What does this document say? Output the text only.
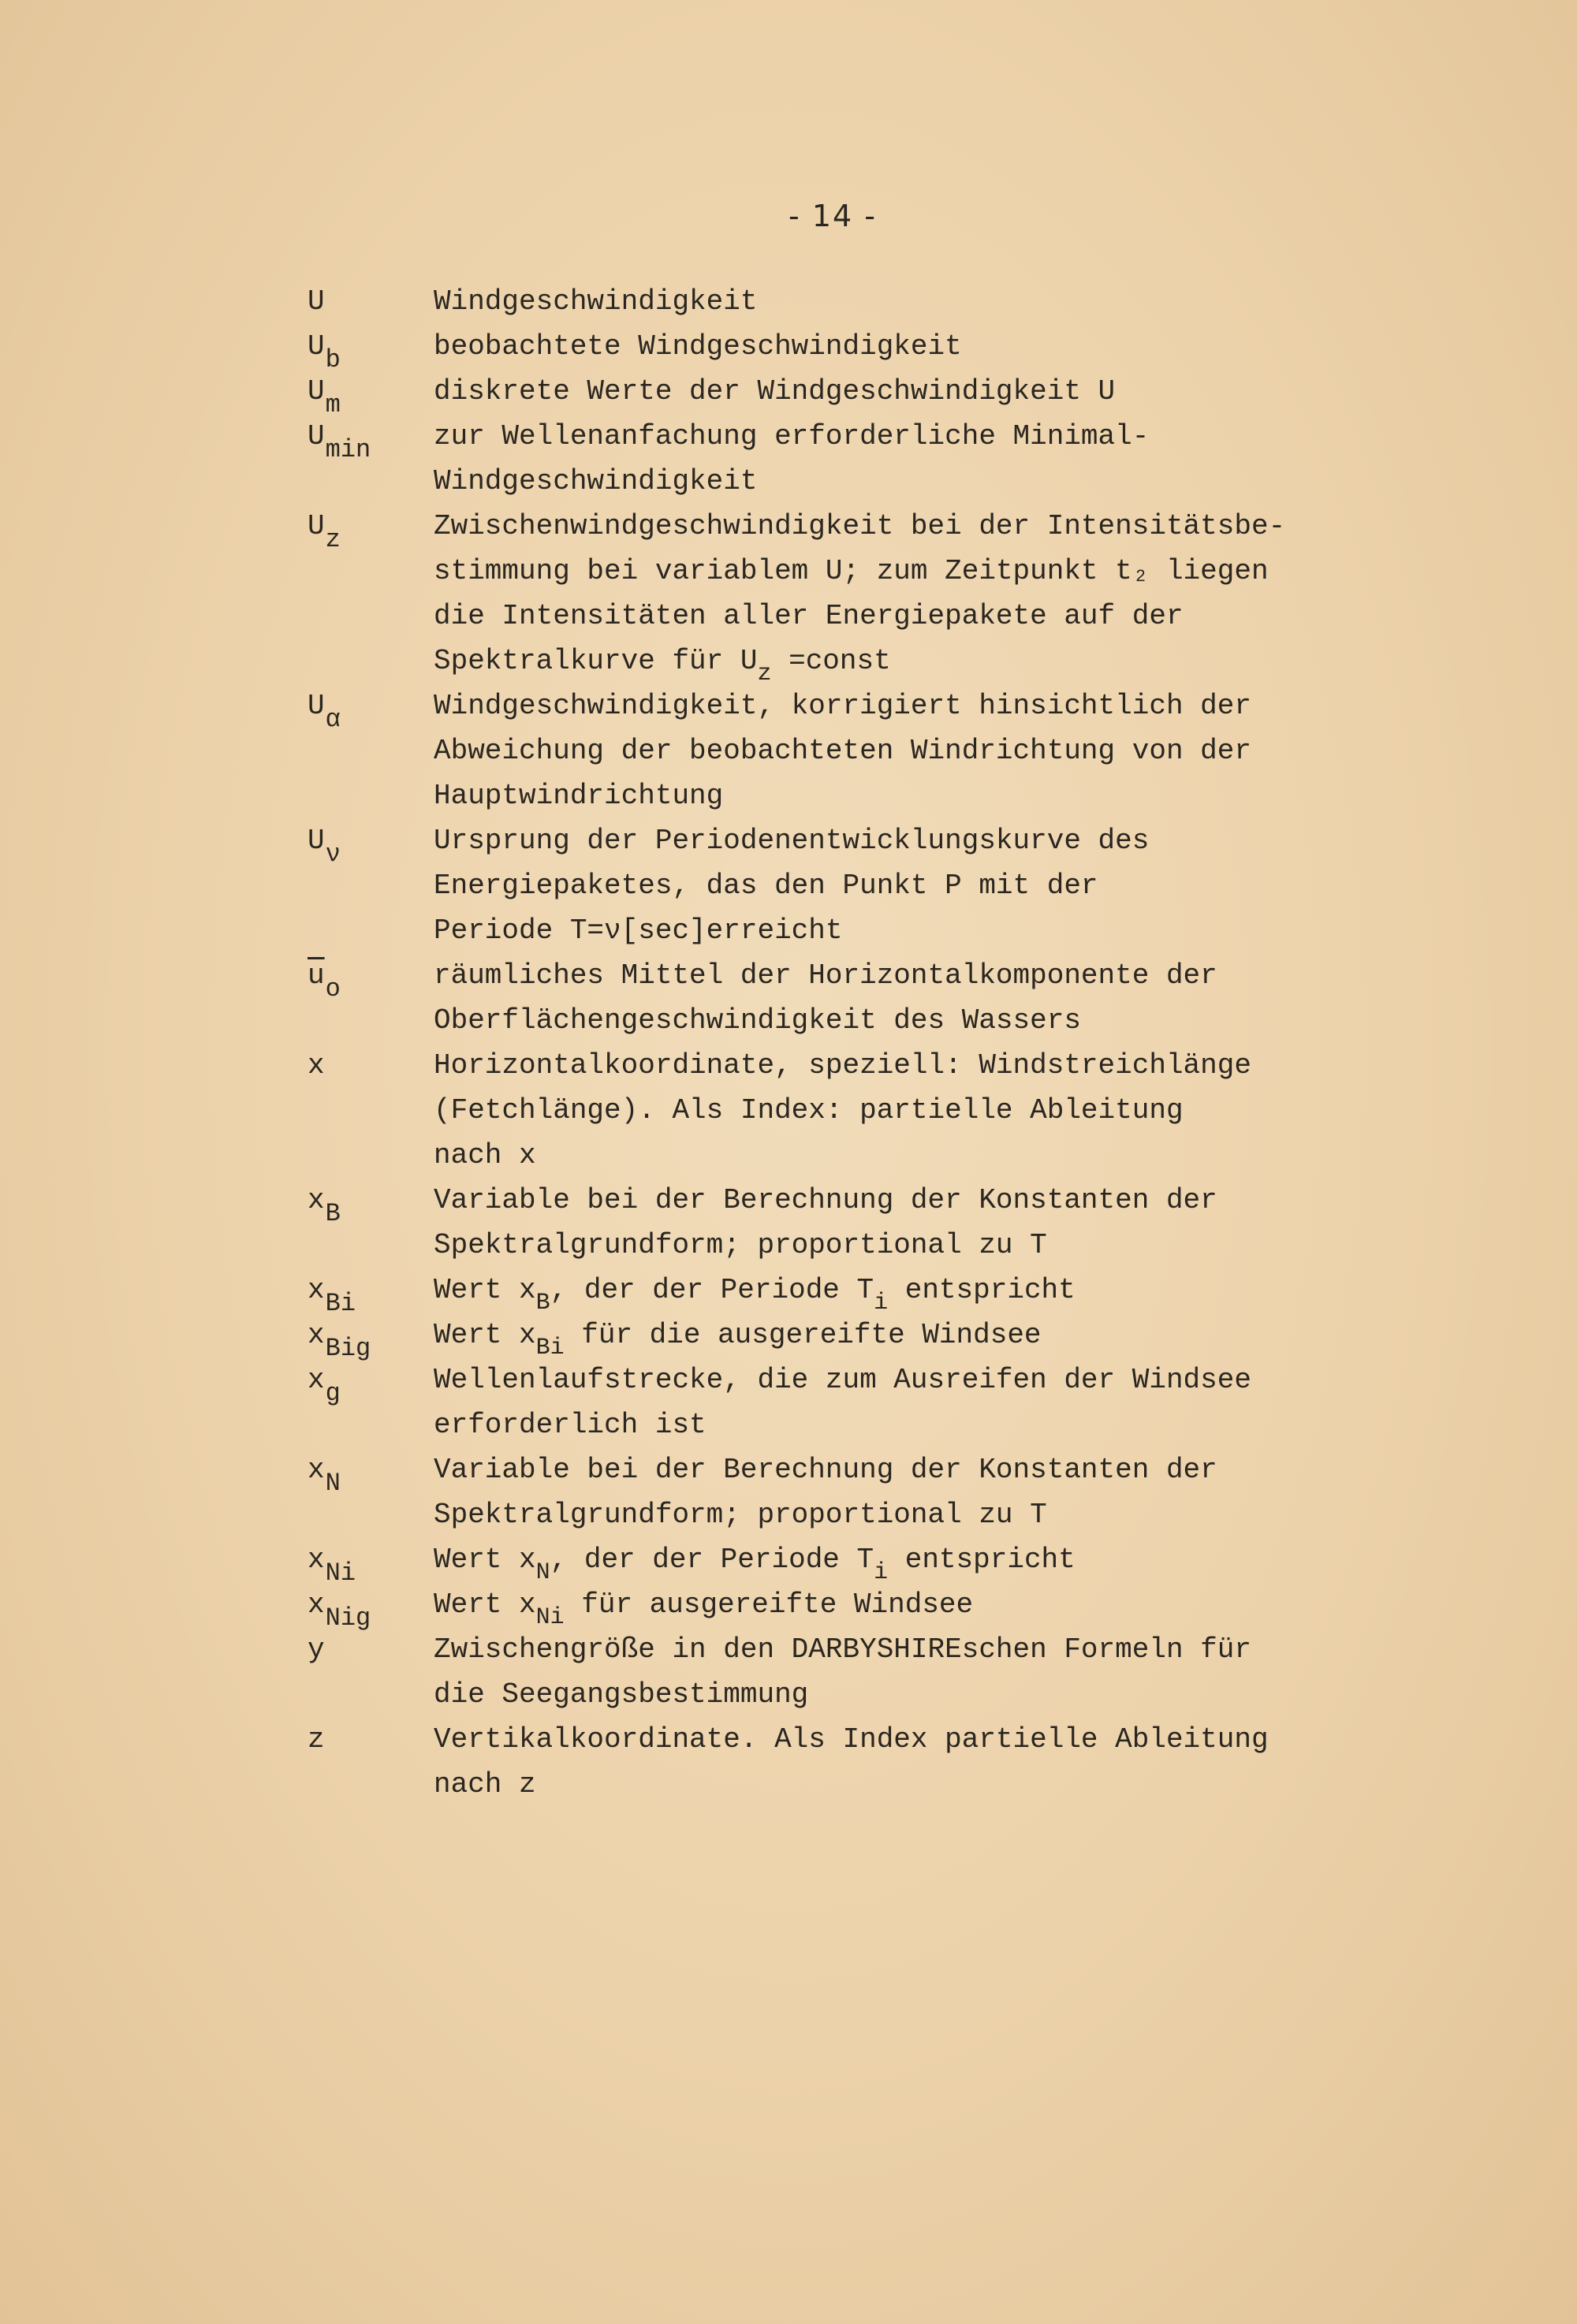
- 14 -
U	Windgeschwindigkeit
Ub	beobachtete Windgeschwindigkeit
Um	diskrete Werte der Windgeschwindigkeit U
Umin zur Wellenanfachung erforderliche Minimal-
Windgeschwindigkeit
Uz	Zwischenwindgeschwindigkeit bei der Intensitätsbe-
stimmung bei variablem U; zum Zeitpunkt t₂ liegen
die Intensitäten aller Energiepakete auf der
Spektralkurve für $U_z$ =const
Uα	Windgeschwindigkeit, korrigiert hinsichtlich der
Abweichung der beobachteten Windrichtung von der
Hauptwindrichtung
Uν	Ursprung der Periodenentwicklungskurve des
Energiepaketes, das den Punkt P mit der
Periode T=ν[sec]erreicht
$\overline{u}o$	räumliches Mittel der Horizontalkomponente der
Oberflächengeschwindigkeit des Wassers
x	Horizontalkoordinate, speziell: Windstreichlänge
(Fetchlänge). Als Index: partielle Ableitung
nach x
xB	Variable bei der Berechnung der Konstanten der
Spektralgrundform; proportional zu T
xBi	Wert $x_B$, der der Periode $T_i$ entspricht
xBig Wert $x_{Bi}$ für die ausgereifte Windsee
xg	Wellenlaufstrecke, die zum Ausreifen der Windsee
erforderlich ist
xN	Variable bei der Berechnung der Konstanten der
Spektralgrundform; proportional zu T
xNi	Wert $x_N$, der der Periode $T_i$ entspricht
xNig Wert $x_{Ni}$ für ausgereifte Windsee
y	Zwischengröße in den DARBYSHIREschen Formeln für
die Seegangsbestimmung
z	Vertikalkoordinate. Als Index partielle Ableitung
nach z
